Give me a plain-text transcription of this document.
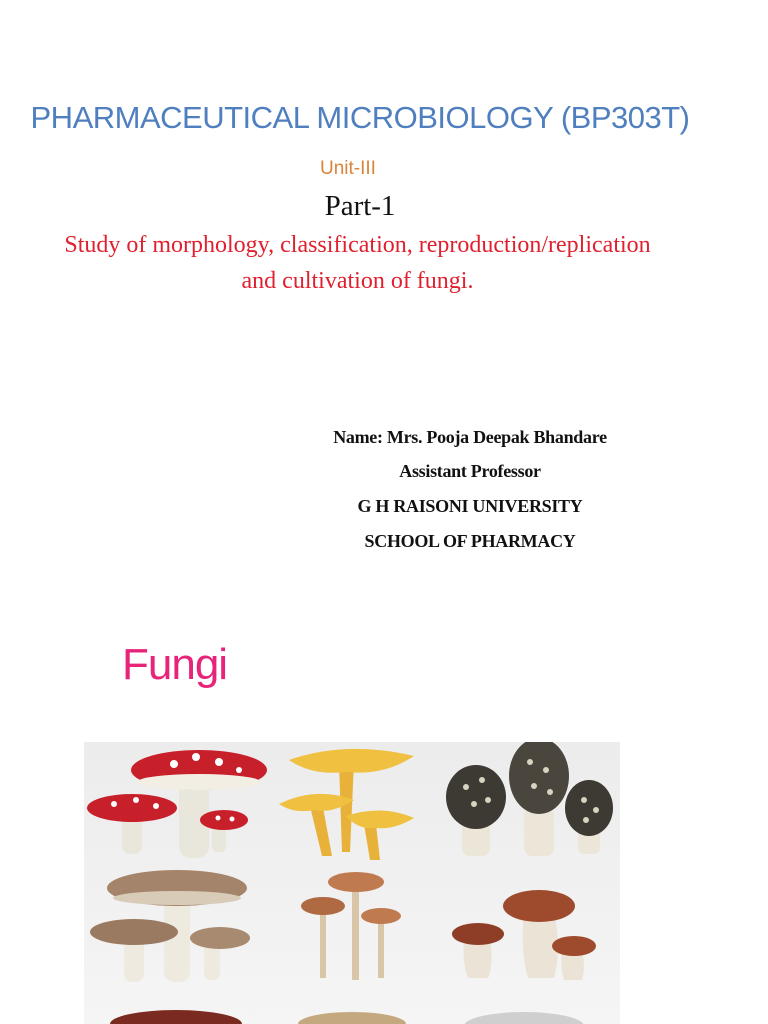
PHARMACEUTICAL MICROBIOLOGY (BP303T)
Unit-III
Part-1
Study of morphology, classification, reproduction/replication
and cultivation of fungi.
Name: Mrs. Pooja Deepak Bhandare
Assistant Professor
G H RAISONI UNIVERSITY
SCHOOL OF PHARMACY
Fungi
